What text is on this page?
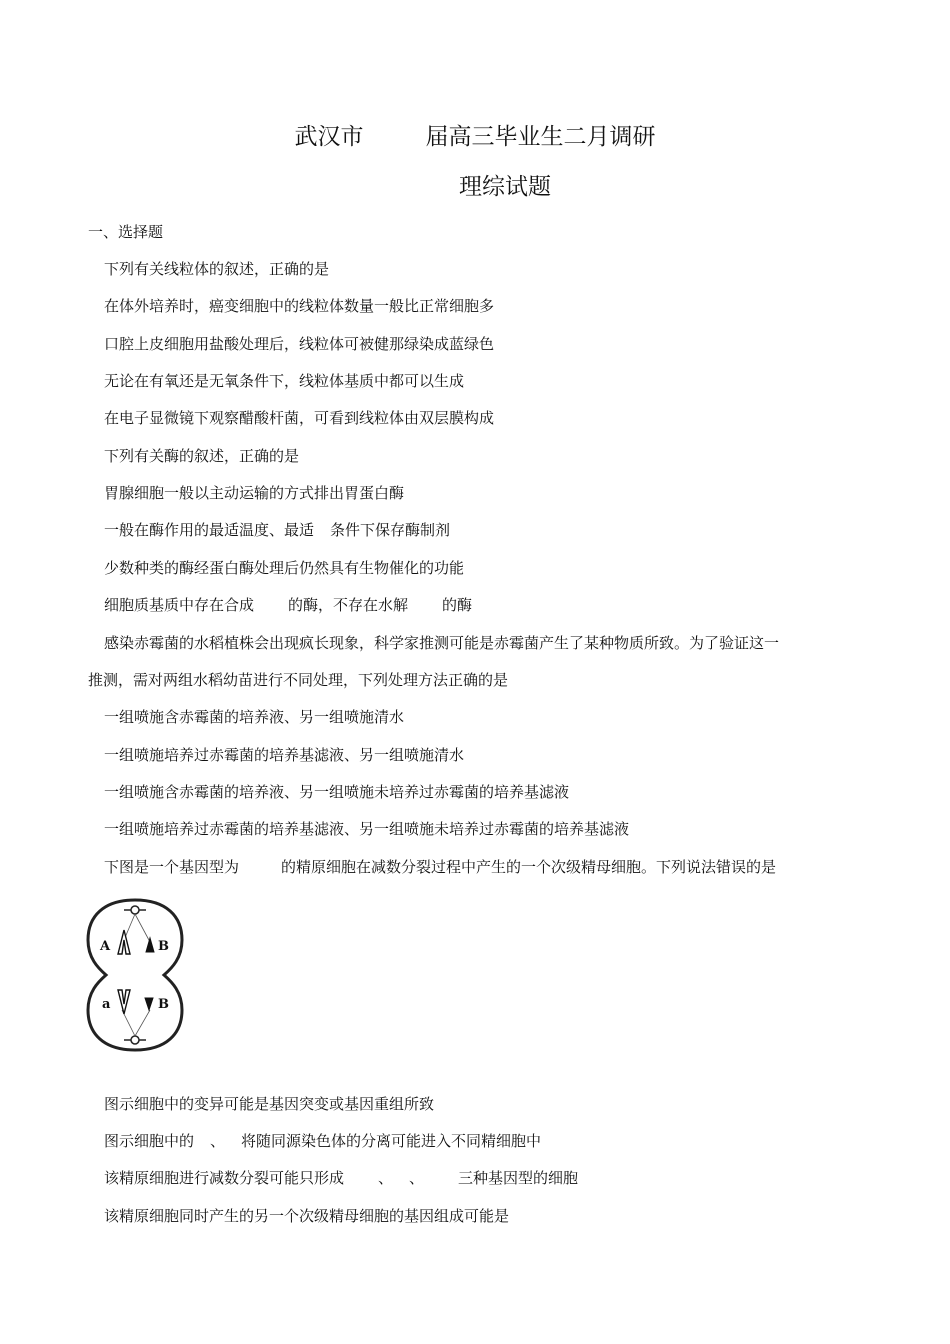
武汉市	届高三毕业生二月调研
理综试题
一、选择题
下列有关线粒体的叙述，正确的是
在体外培养时，癌变细胞中的线粒体数量一般比正常细胞多
口腔上皮细胞用盐酸处理后，线粒体可被健那绿染成蓝绿色
无论在有氧还是无氧条件下，线粒体基质中都可以生成
在电子显微镜下观察醋酸杆菌，可看到线粒体由双层膜构成
下列有关酶的叙述，正确的是
胃腺细胞一般以主动运输的方式排出胃蛋白酶
一般在酶作用的最适温度、最适 条件下保存酶制剂
少数种类的酶经蛋白酶处理后仍然具有生物催化的功能
细胞质基质中存在合成 的酶，不存在水解 的酶
感染赤霉菌的水稻植株会出现疯长现象，科学家推测可能是赤霉菌产生了某种物质所致。为了验证这一
推测，需对两组水稻幼苗进行不同处理，下列处理方法正确的是
一组喷施含赤霉菌的培养液、另一组喷施清水
一组喷施培养过赤霉菌的培养基滤液、另一组喷施清水
一组喷施含赤霉菌的培养液、另一组喷施未培养过赤霉菌的培养基滤液
一组喷施培养过赤霉菌的培养基滤液、另一组喷施未培养过赤霉菌的培养基滤液
下图是一个基因型为	的精原细胞在减数分裂过程中产生的一个次级精母细胞。下列说法错误的是
A	B
a	B
图示细胞中的变异可能是基因突变或基因重组所致
图示细胞中的 、 将随同源染色体的分离可能进入不同精细胞中
该精原细胞进行减数分裂可能只形成 、 、 三种基因型的细胞
该精原细胞同时产生的另一个次级精母细胞的基因组成可能是
